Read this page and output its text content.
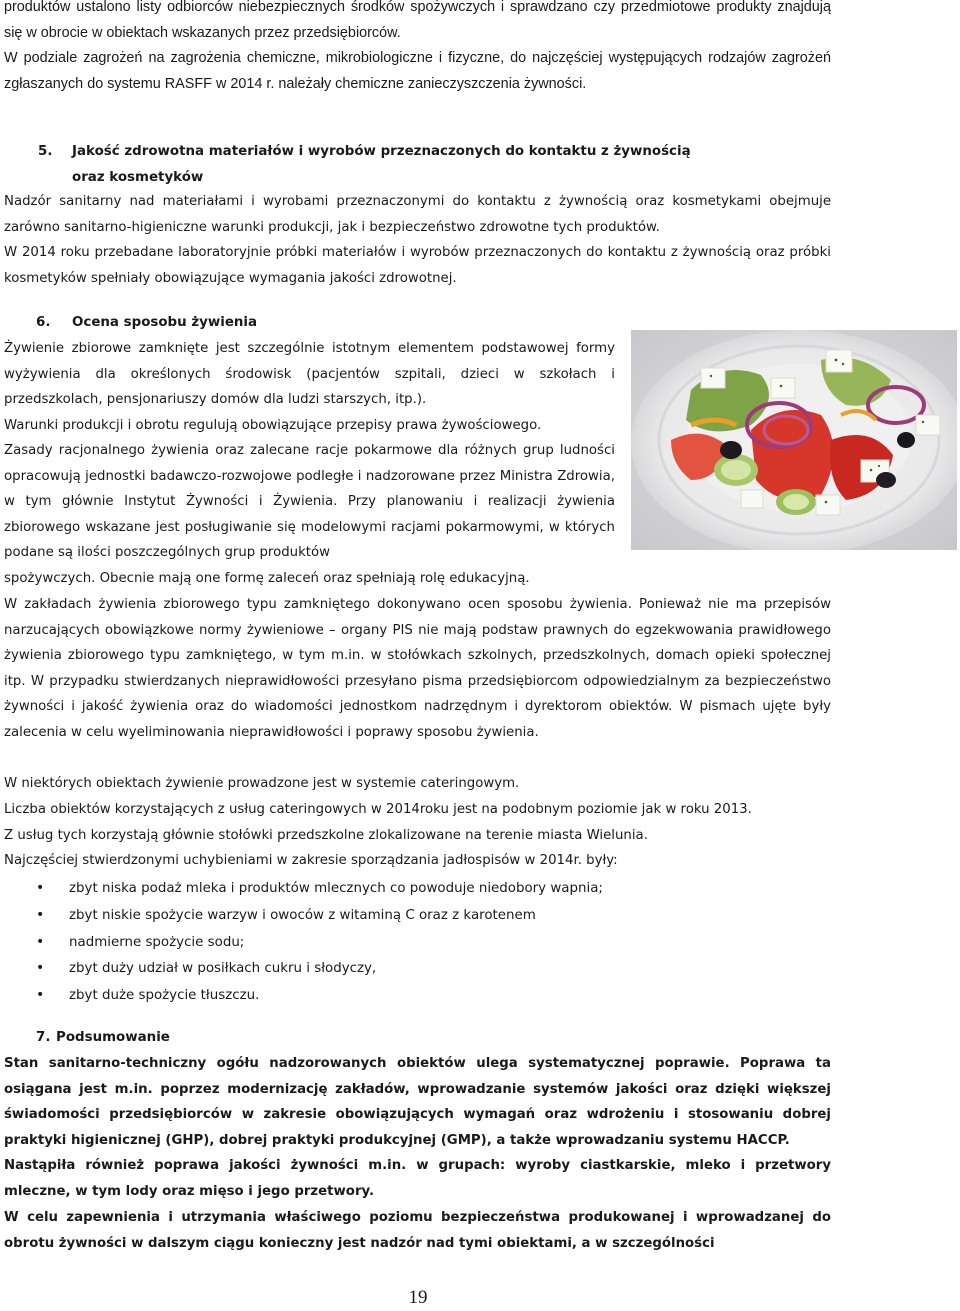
produktów ustalono listy odbiorców niebezpiecznych środków spożywczych i sprawdzano czy przedmiotowe produkty znajdują się w obrocie w obiektach wskazanych przez przedsiębiorców.

W podziale zagrożeń na zagrożenia chemiczne, mikrobiologiczne i fizyczne, do najczęściej występujących rodzajów zagrożeń zgłaszanych do systemu RASFF w 2014 r. należały chemiczne zanieczyszczenia żywności.

5. Jakość zdrowotna materiałów i wyrobów przeznaczonych do kontaktu z żywnością
oraz kosmetyków

Nadzór sanitarny nad materiałami i wyrobami przeznaczonymi do kontaktu z żywnością oraz kosmetykami obejmuje zarówno sanitarno-higieniczne warunki produkcji, jak i bezpieczeństwo zdrowotne tych produktów.

W 2014 roku przebadane laboratoryjnie próbki materiałów i wyrobów przeznaczonych do kontaktu z żywnością oraz próbki kosmetyków spełniały obowiązujące wymagania jakości zdrowotnej.

6. Ocena sposobu żywienia

Żywienie zbiorowe zamknięte jest szczególnie istotnym elementem podstawowej formy wyżywienia dla określonych środowisk (pacjentów szpitali, dzieci w szkołach i przedszkolach, pensjonariuszy domów dla ludzi starszych, itp.).

Warunki produkcji i obrotu regulują obowiązujące przepisy prawa żywościowego.

Zasady racjonalnego żywienia oraz zalecane racje pokarmowe dla różnych grup ludności opracowują jednostki badawczo-rozwojowe podległe i nadzorowane przez Ministra Zdrowia, w tym głównie Instytut Żywności i Żywienia. Przy planowaniu i realizacji żywienia zbiorowego wskazane jest posługiwanie się modelowymi racjami pokarmowymi, w których podane są ilości poszczególnych grup produktów

spożywczych. Obecnie mają one formę zaleceń oraz spełniają rolę edukacyjną.

W zakładach żywienia zbiorowego typu zamkniętego dokonywano ocen sposobu żywienia. Ponieważ nie ma przepisów narzucających obowiązkowe normy żywieniowe – organy PIS nie mają podstaw prawnych do egzekwowania prawidłowego żywienia zbiorowego typu zamkniętego, w tym m.in. w stołówkach szkolnych, przedszkolnych, domach opieki społecznej itp. W przypadku stwierdzanych nieprawidłowości przesyłano pisma przedsiębiorcom odpowiedzialnym za bezpieczeństwo żywności i jakość żywienia oraz do wiadomości jednostkom nadrzędnym i dyrektorom obiektów. W pismach ujęte były zalecenia w celu wyeliminowania nieprawidłowości i poprawy sposobu żywienia.

W niektórych obiektach żywienie prowadzone jest w systemie cateringowym.

Liczba obiektów korzystających z usług cateringowych w 2014roku jest na podobnym poziomie jak w roku 2013.

Z usług tych korzystają głównie stołówki przedszkolne zlokalizowane na terenie miasta Wielunia.

Najczęściej stwierdzonymi uchybieniami w zakresie sporządzania jadłospisów w 2014r. były:

• zbyt niska podaż mleka i produktów mlecznych co powoduje niedobory wapnia;

• zbyt niskie spożycie warzyw i owoców z witaminą C oraz z karotenem

• nadmierne spożycie sodu;

• zbyt duży udział w posiłkach cukru i słodyczy,

• zbyt duże spożycie tłuszczu.

7. Podsumowanie

Stan sanitarno-techniczny ogółu nadzorowanych obiektów ulega systematycznej poprawie. Poprawa ta osiągana jest m.in. poprzez modernizację zakładów, wprowadzanie systemów jakości oraz dzięki większej świadomości przedsiębiorców w zakresie obowiązujących wymagań oraz wdrożeniu i stosowaniu dobrej praktyki higienicznej (GHP), dobrej praktyki produkcyjnej (GMP), a także wprowadzaniu systemu HACCP.

Nastąpiła również poprawa jakości żywności m.in. w grupach: wyroby ciastkarskie, mleko i przetwory mleczne, w tym lody oraz mięso i jego przetwory.

W celu zapewnienia i utrzymania właściwego poziomu bezpieczeństwa produkowanej i wprowadzanej do obrotu żywności w dalszym ciągu konieczny jest nadzór nad tymi obiektami, a w szczególności

19
